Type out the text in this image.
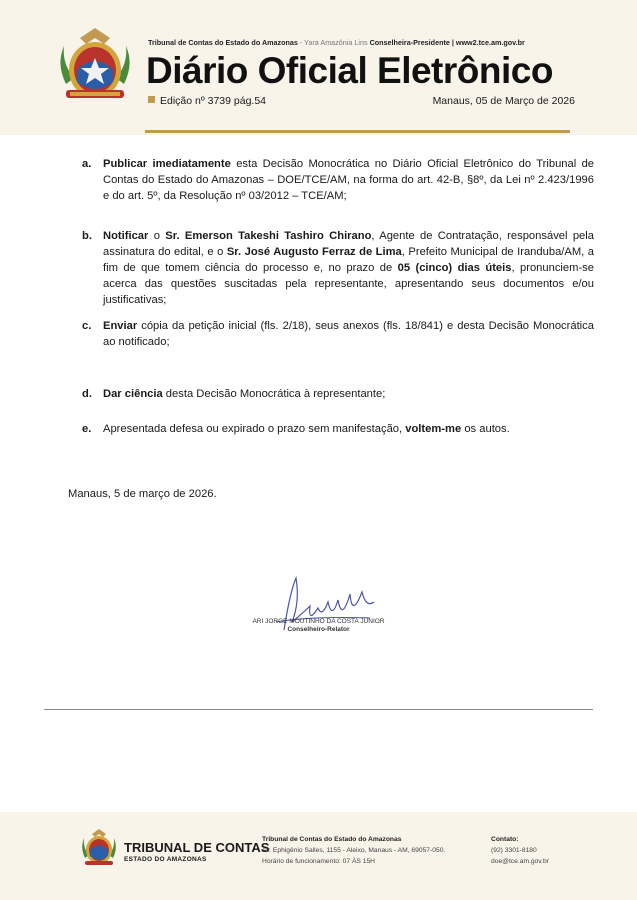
Tribunal de Contas do Estado do Amazonas - Yara Amazônia Lins Conselheira-Presidente | www2.tce.am.gov.br
Diário Oficial Eletrônico
Edição nº 3739 pág.54	Manaus, 05 de Março de 2026
a. Publicar imediatamente esta Decisão Monocrática no Diário Oficial Eletrônico do Tribunal de Contas do Estado do Amazonas – DOE/TCE/AM, na forma do art. 42-B, §8º, da Lei nº 2.423/1996 e do art. 5º, da Resolução nº 03/2012 – TCE/AM;
b. Notificar o Sr. Emerson Takeshi Tashiro Chirano, Agente de Contratação, responsável pela assinatura do edital, e o Sr. José Augusto Ferraz de Lima, Prefeito Municipal de Iranduba/AM, a fim de que tomem ciência do processo e, no prazo de 05 (cinco) dias úteis, pronunciem-se acerca das questões suscitadas pela representante, apresentando seus documentos e/ou justificativas;
c. Enviar cópia da petição inicial (fls. 2/18), seus anexos (fls. 18/841) e desta Decisão Monocrática ao notificado;
d. Dar ciência desta Decisão Monocrática à representante;
e. Apresentada defesa ou expirado o prazo sem manifestação, voltem-me os autos.
Manaus, 5 de março de 2026.
ARI JORGE MOUTINHO DA COSTA JÚNIOR
Conselheiro-Relator
TRIBUNAL DE CONTAS
ESTADO DO AMAZONAS
Tribunal de Contas do Estado do Amazonas
Av. Ephigênio Salles, 1155 - Aleixo, Manaus - AM, 69057-050.
Horário de funcionamento: 07 ÀS 15H
Contato:
(92) 3301-8180
doe@tce.am.gov.br
